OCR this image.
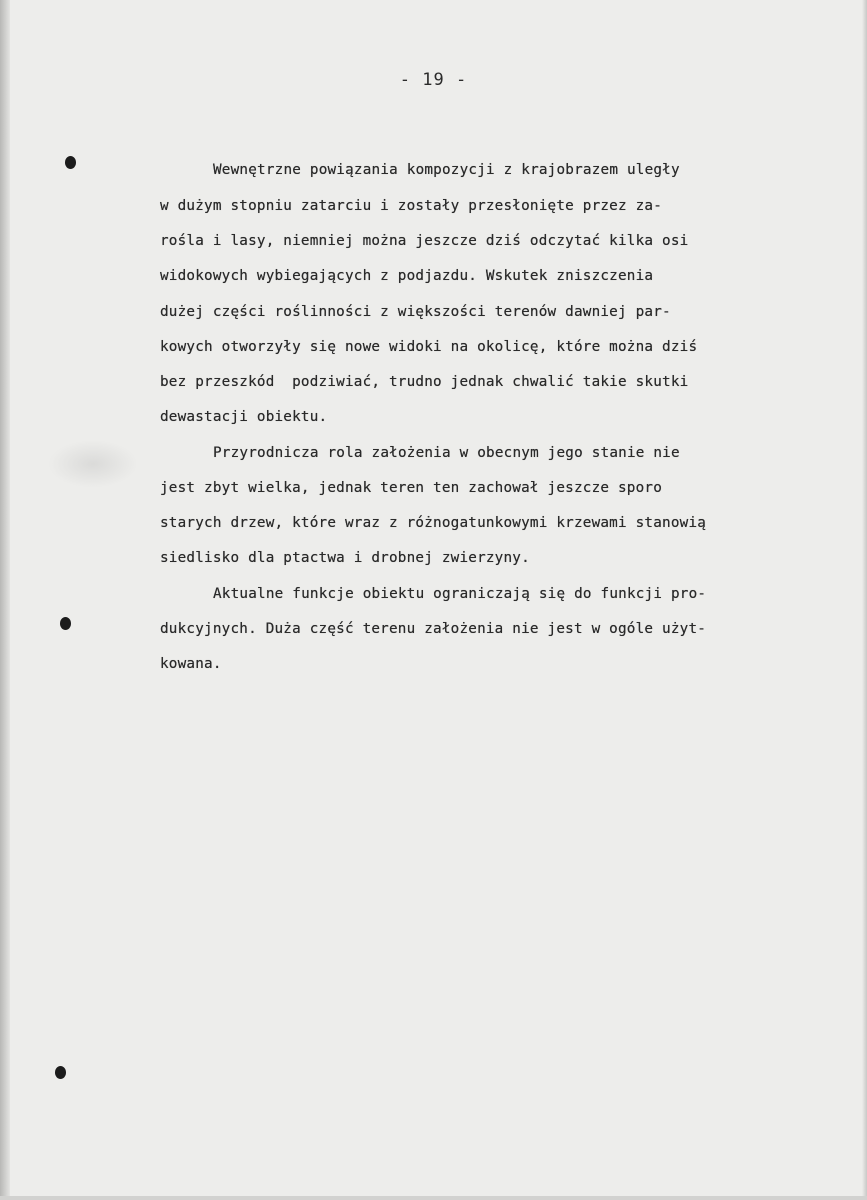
- 19 -

Wewnętrzne powiązania kompozycji z krajobrazem uległy

w dużym stopniu zatarciu i zostały przesłonięte przez za-

rośla i lasy, niemniej można jeszcze dziś odczytać kilka osi

widokowych wybiegających z podjazdu. Wskutek zniszczenia

dużej części roślinności z większości terenów dawniej par-

kowych otworzyły się nowe widoki na okolicę, które można dziś

bez przeszkód  podziwiać, trudno jednak chwalić takie skutki

dewastacji obiektu.

Przyrodnicza rola założenia w obecnym jego stanie nie

jest zbyt wielka, jednak teren ten zachował jeszcze sporo

starych drzew, które wraz z różnogatunkowymi krzewami stanowią

siedlisko dla ptactwa i drobnej zwierzyny.

Aktualne funkcje obiektu ograniczają się do funkcji pro-

dukcyjnych. Duża część terenu założenia nie jest w ogóle użyt-

kowana.
